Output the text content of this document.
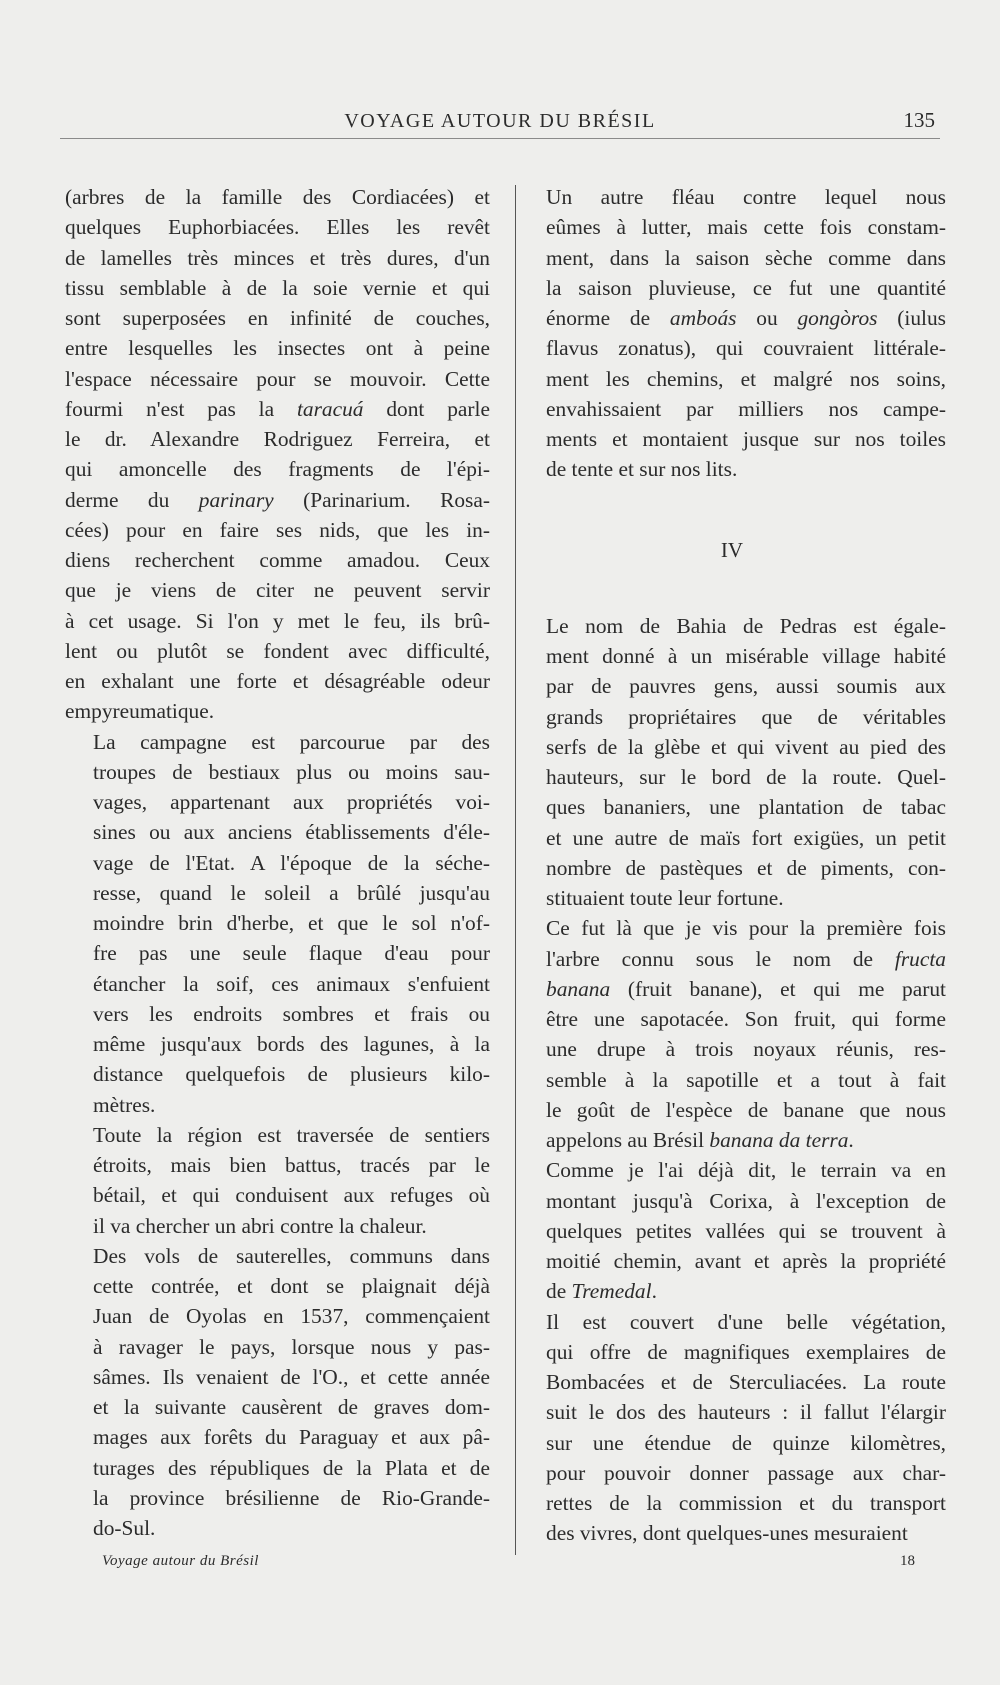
VOYAGE AUTOUR DU BRÉSIL	135

(arbres de la famille des Cordiacées) et
quelques Euphorbiacées. Elles les revêt
de lamelles très minces et très dures, d'un
tissu semblable à de la soie vernie et qui
sont superposées en infinité de couches,
entre lesquelles les insectes ont à peine
l'espace nécessaire pour se mouvoir. Cette
fourmi n'est pas la taracuá dont parle
le dr. Alexandre Rodriguez Ferreira, et
qui amoncelle des fragments de l'épi-
derme du parinary (Parinarium. Rosa-
cées) pour en faire ses nids, que les in-
diens recherchent comme amadou. Ceux
que je viens de citer ne peuvent servir
à cet usage. Si l'on y met le feu, ils brû-
lent ou plutôt se fondent avec difficulté,
en exhalant une forte et désagréable odeur
empyreumatique.

La campagne est parcourue par des
troupes de bestiaux plus ou moins sau-
vages, appartenant aux propriétés voi-
sines ou aux anciens établissements d'éle-
vage de l'Etat. A l'époque de la séche-
resse, quand le soleil a brûlé jusqu'au
moindre brin d'herbe, et que le sol n'of-
fre pas une seule flaque d'eau pour
étancher la soif, ces animaux s'enfuient
vers les endroits sombres et frais ou
même jusqu'aux bords des lagunes, à la
distance quelquefois de plusieurs kilo-
mètres.

Toute la région est traversée de sentiers
étroits, mais bien battus, tracés par le
bétail, et qui conduisent aux refuges où
il va chercher un abri contre la chaleur.

Des vols de sauterelles, communs dans
cette contrée, et dont se plaignait déjà
Juan de Oyolas en 1537, commençaient
à ravager le pays, lorsque nous y pas-
sâmes. Ils venaient de l'O., et cette année
et la suivante causèrent de graves dom-
mages aux forêts du Paraguay et aux pâ-
turages des républiques de la Plata et de
la province brésilienne de Rio-Grande-
do-Sul.

Un autre fléau contre lequel nous
eûmes à lutter, mais cette fois constam-
ment, dans la saison sèche comme dans
la saison pluvieuse, ce fut une quantité
énorme de amboás ou gongòros (iulus
flavus zonatus), qui couvraient littérale-
ment les chemins, et malgré nos soins,
envahissaient par milliers nos campe-
ments et montaient jusque sur nos toiles
de tente et sur nos lits.

IV

Le nom de Bahia de Pedras est égale-
ment donné à un misérable village habité
par de pauvres gens, aussi soumis aux
grands propriétaires que de véritables
serfs de la glèbe et qui vivent au pied des
hauteurs, sur le bord de la route. Quel-
ques bananiers, une plantation de tabac
et une autre de maïs fort exigües, un petit
nombre de pastèques et de piments, con-
stituaient toute leur fortune.

Ce fut là que je vis pour la première fois
l'arbre connu sous le nom de fructa
banana (fruit banane), et qui me parut
être une sapotacée. Son fruit, qui forme
une drupe à trois noyaux réunis, res-
semble à la sapotille et a tout à fait
le goût de l'espèce de banane que nous
appelons au Brésil banana da terra.

Comme je l'ai déjà dit, le terrain va en
montant jusqu'à Corixa, à l'exception de
quelques petites vallées qui se trouvent à
moitié chemin, avant et après la propriété
de Tremedal.

Il est couvert d'une belle végétation,
qui offre de magnifiques exemplaires de
Bombacées et de Sterculiacées. La route
suit le dos des hauteurs : il fallut l'élargir
sur une étendue de quinze kilomètres,
pour pouvoir donner passage aux char-
rettes de la commission et du transport
des vivres, dont quelques-unes mesuraient

Voyage autour du Brésil	18
